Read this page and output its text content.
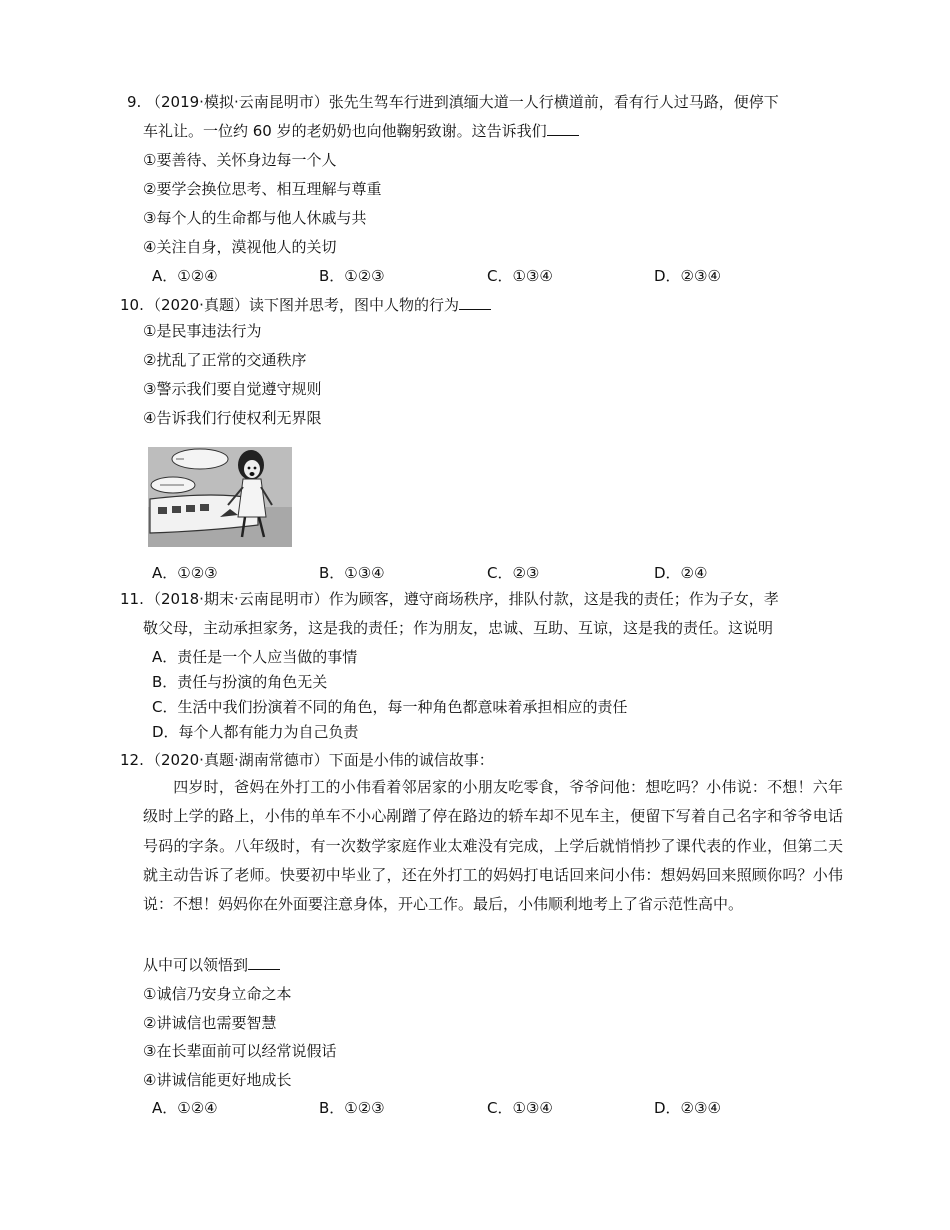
9. （2019·模拟·云南昆明市）张先生驾车行进到滇缅大道一人行横道前，看有行人过马路，便停下
车礼让。一位约 60 岁的老奶奶也向他鞠躬致谢。这告诉我们
①要善待、关怀身边每一个人
②要学会换位思考、相互理解与尊重
③每个人的生命都与他人休戚与共
④关注自身，漠视他人的关切
A．①②④	B．①②③	C．①③④	D．②③④
10. （2020·真题）读下图并思考，图中人物的行为
①是民事违法行为
②扰乱了正常的交通秩序
③警示我们要自觉遵守规则
④告诉我们行使权利无界限
A．①②③	B．①③④	C．②③	D．②④
11. （2018·期末·云南昆明市）作为顾客，遵守商场秩序，排队付款，这是我的责任；作为子女，孝
敬父母，主动承担家务，这是我的责任；作为朋友，忠诚、互助、互谅，这是我的责任。这说明
A．责任是一个人应当做的事情
B．责任与扮演的角色无关
C．生活中我们扮演着不同的角色，每一种角色都意味着承担相应的责任
D．每个人都有能力为自己负责
12. （2020·真题·湖南常德市）下面是小伟的诚信故事：
四岁时，爸妈在外打工的小伟看着邻居家的小朋友吃零食，爷爷问他：想吃吗？小伟说：不想！六年级时上学的路上，小伟的单车不小心剐蹭了停在路边的轿车却不见车主，便留下写着自己名字和爷爷电话号码的字条。八年级时，有一次数学家庭作业太难没有完成，上学后就悄悄抄了课代表的作业，但第二天就主动告诉了老师。快要初中毕业了，还在外打工的妈妈打电话回来问小伟：想妈妈回来照顾你吗？小伟说：不想！妈妈你在外面要注意身体，开心工作。最后，小伟顺利地考上了省示范性高中。
从中可以领悟到
①诚信乃安身立命之本
②讲诚信也需要智慧
③在长辈面前可以经常说假话
④讲诚信能更好地成长
A．①②④	B．①②③	C．①③④	D．②③④
